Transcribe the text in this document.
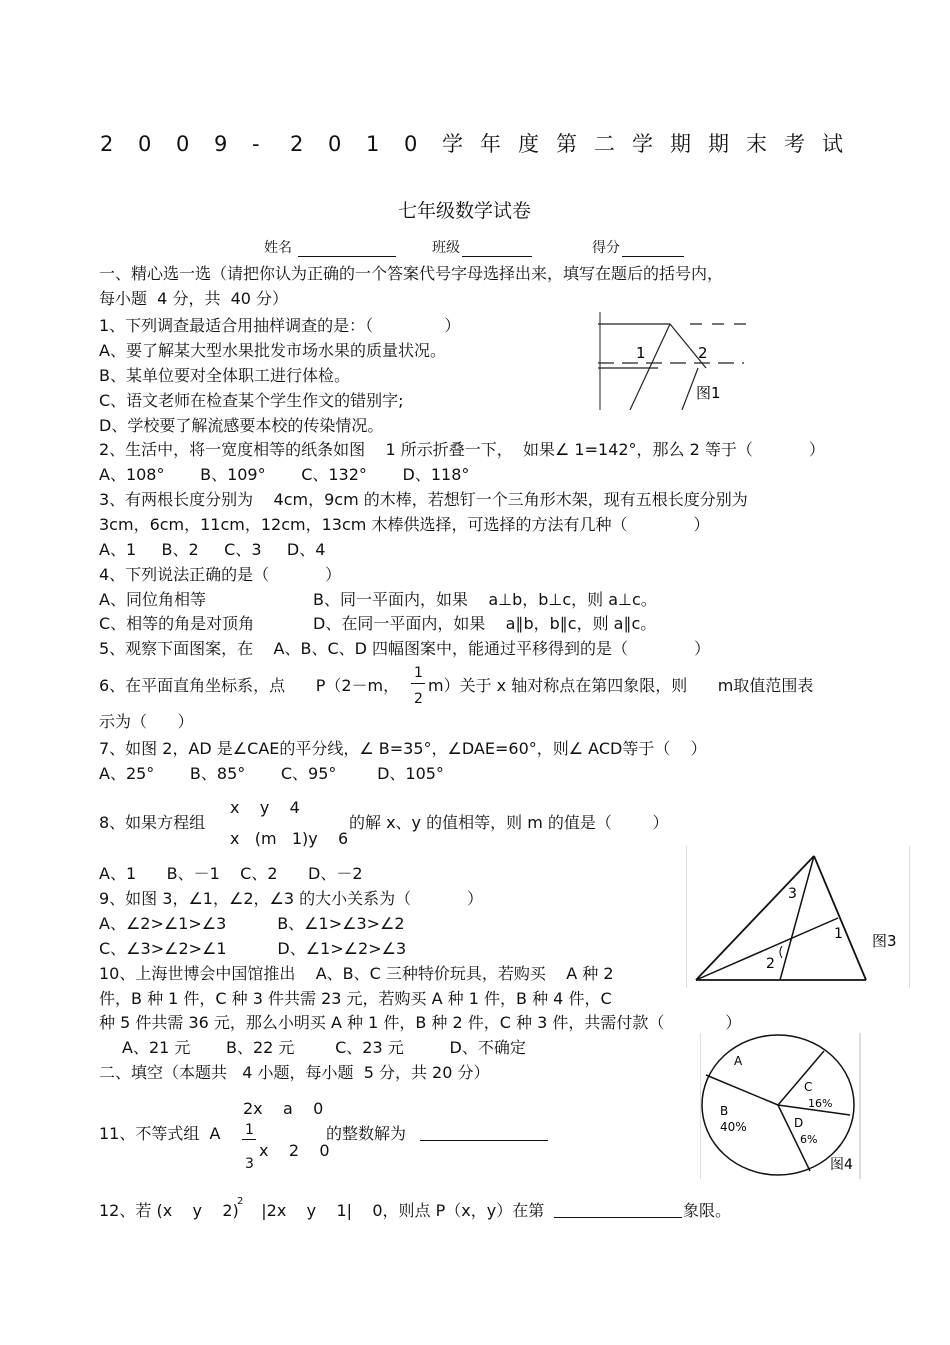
2 0 0 9 - 2 0 1 0 学 年 度 第 二 学 期 期 末 考 试
七年级数学试卷
姓名	班级	得分
一、精心选一选（请把你认为正确的一个答案代号字母选择出来，填写在题后的括号内，
每小题  4 分，共  40 分）
1、下列调查最适合用抽样调查的是：（              ）
A、要了解某大型水果批发市场水果的质量状况。
B、某单位要对全体职工进行体检。
C、语文老师在检查某个学生作文的错别字;
D、学校要了解流感要本校的传染情况。
2、生活中，将一宽度相等的纸条如图    1 所示折叠一下，  如果∠ 1=142°，那么 2 等于（           ）
A、108°       B、109°       C、132°       D、118°
3、有两根长度分别为    4cm，9cm 的木棒，若想钉一个三角形木架，现有五根长度分别为
3cm，6cm，11cm，12cm，13cm 木棒供选择，可选择的方法有几种（             ）
A、1     B、2     C、3     D、4
4、下列说法正确的是（           ）
A、同位角相等	B、同一平面内，如果    a⊥b，b⊥c，则 a⊥c。
C、相等的角是对顶角	D、在同一平面内，如果    a∥b，b∥c，则 a∥c。
5、观察下面图案，在    A、B、C、D 四幅图案中，能通过平移得到的是（             ）
6、在平面直角坐标系，点      P（2－m，
1
2
m）关于 x 轴对称点在第四象限，则      m取值范围表
示为（      ）
7、如图 2，AD 是∠CAE的平分线，∠ B=35°，∠DAE=60°，则∠ ACD等于（    ）
A、25°       B、85°       C、95°        D、105°
x    y    4
8、如果方程组
x   (m   1)y    6
的解 x、y 的值相等，则 m 的值是（        ）
A、1      B、－1    C、2      D、－2
9、如图 3，∠1，∠2，∠3 的大小关系为（           ）
A、∠2>∠1>∠3          B、∠1>∠3>∠2
C、∠3>∠2>∠1          D、∠1>∠2>∠3
10、上海世博会中国馆推出    A、B、C 三种特价玩具，若购买    A 种 2
件，B 种 1 件，C 种 3 件共需 23 元，若购买 A 种 1 件，B 种 4 件，C
种 5 件共需 36 元，那么小明买 A 种 1 件，B 种 2 件，C 种 3 件，共需付款（            ）
A、21 元       B、22 元        C、23 元         D、不确定
二、填空（本题共   4 小题，每小题  5 分，共 20 分）
2x    a    0
11、不等式组  A 1
3
x    2    0
的整数解为
12、若 (x    y    2)
2 |2x    y    1|    0，则点 P（x，y）在第	象限。
1	2
图1
3
1
2
图3
A
B
40%
C
16%
D
6%
图4
